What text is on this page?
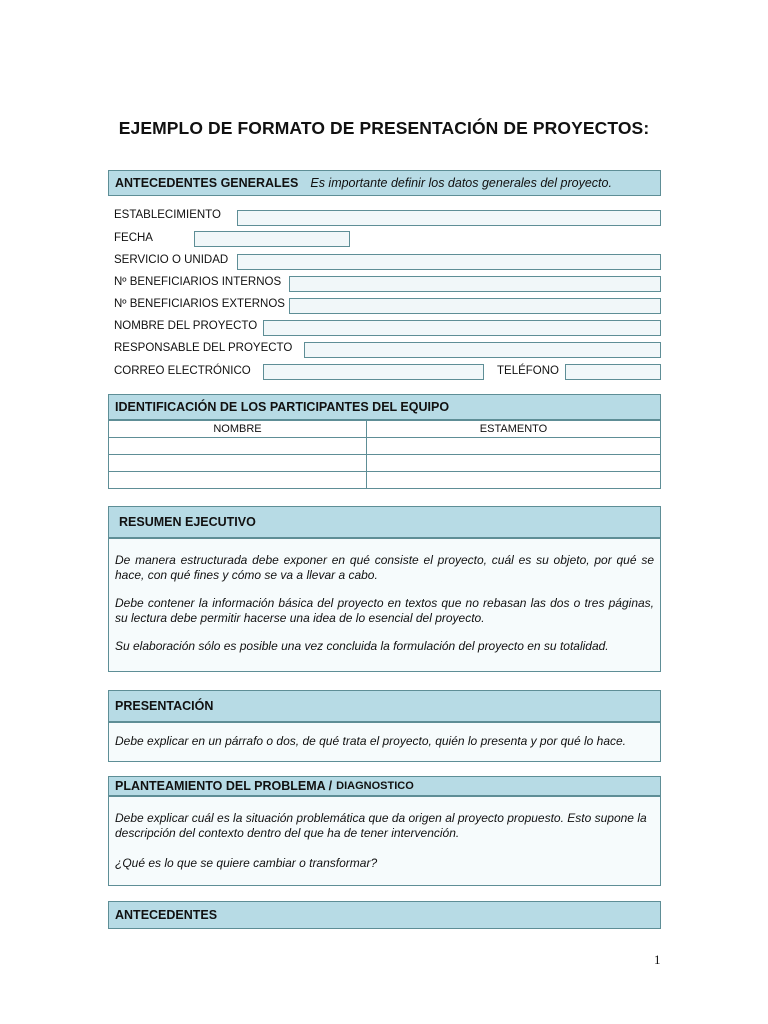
EJEMPLO DE FORMATO DE PRESENTACIÓN DE PROYECTOS:
ANTECEDENTES GENERALES Es importante definir los datos generales del proyecto.
ESTABLECIMIENTO
FECHA
SERVICIO O UNIDAD
Nº BENEFICIARIOS INTERNOS
Nº BENEFICIARIOS EXTERNOS
NOMBRE DEL PROYECTO
RESPONSABLE DEL PROYECTO
CORREO ELECTRÓNICO	TELÉFONO
IDENTIFICACIÓN DE LOS PARTICIPANTES DEL EQUIPO
NOMBRE	ESTAMENTO

RESUMEN EJECUTIVO

De manera estructurada debe exponer en qué consiste el proyecto, cuál es su objeto, por qué se hace, con qué fines y cómo se va a llevar a cabo.

Debe contener la información básica del proyecto en textos que no rebasan las dos o tres páginas, su lectura debe permitir hacerse una idea de lo esencial del proyecto.

Su elaboración sólo es posible una vez concluida la formulación del proyecto en su totalidad.

PRESENTACIÓN

Debe explicar en un párrafo o dos, de qué trata el proyecto, quién lo presenta y por qué lo hace.

PLANTEAMIENTO DEL PROBLEMA / DIAGNOSTICO

Debe explicar cuál es la situación problemática que da origen al proyecto propuesto. Esto supone la descripción del contexto dentro del que ha de tener intervención.

¿Qué es lo que se quiere cambiar o transformar?

ANTECEDENTES
1
